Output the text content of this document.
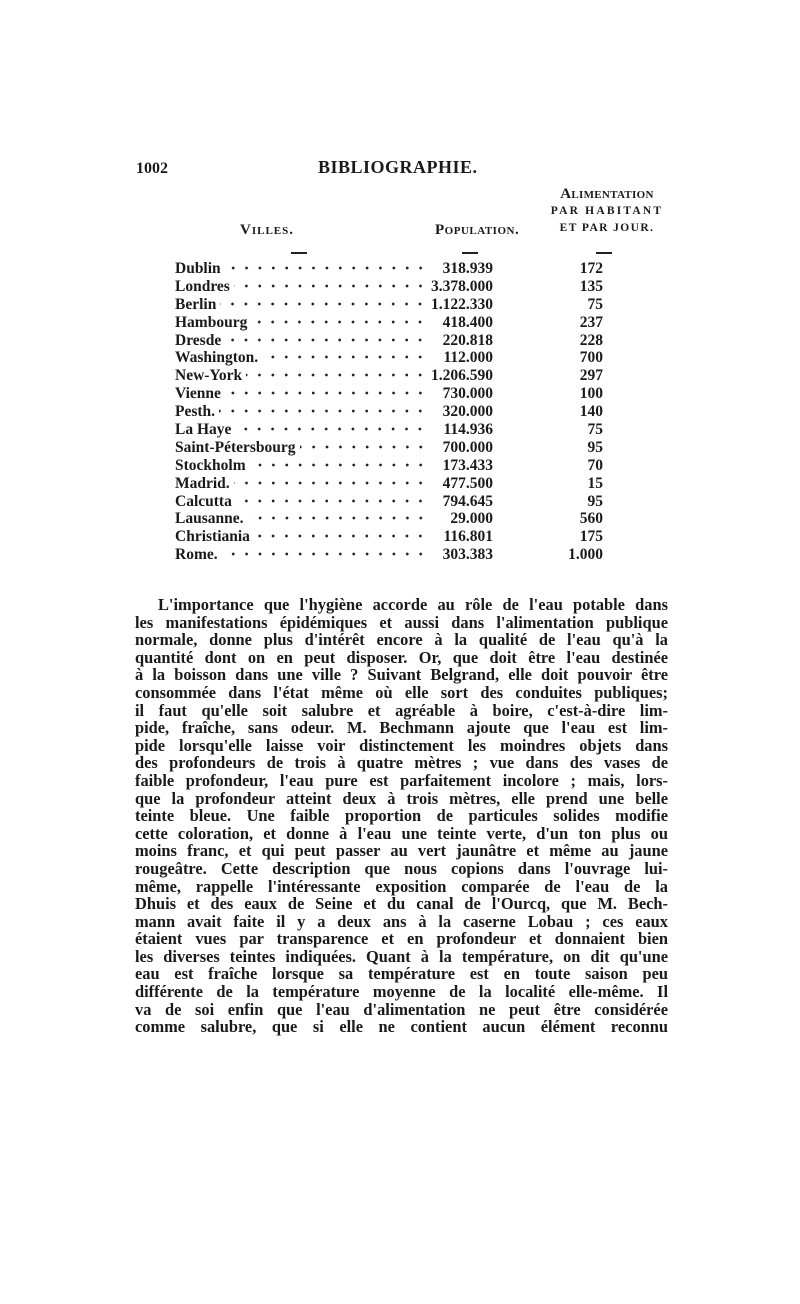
1002	BIBLIOGRAPHIE.
Alimentation
PAR HABITANT
ET PAR JOUR.
Villes.	Population.
Dublin	318.939	172
Londres	3.378.000	135
Berlin	1.122.330	75
Hambourg	418.400	237
Dresde	220.818	228
Washington.	112.000	700
New-York	1.206.590	297
Vienne	730.000	100
Pesth.	320.000	140
La Haye	114.936	75
Saint-Pétersbourg	700.000	95
Stockholm	173.433	70
Madrid.	477.500	15
Calcutta	794.645	95
Lausanne.	29.000	560
Christiania	116.801	175
Rome.	303.383	1.000
L'importance que l'hygiène accorde au rôle de l'eau potable dans
les manifestations épidémiques et aussi dans l'alimentation publique
normale, donne plus d'intérêt encore à la qualité de l'eau qu'à la
quantité dont on en peut disposer. Or, que doit être l'eau destinée
à la boisson dans une ville ? Suivant Belgrand, elle doit pouvoir être
consommée dans l'état même où elle sort des conduites publiques;
il faut qu'elle soit salubre et agréable à boire, c'est-à-dire lim-
pide, fraîche, sans odeur. M. Bechmann ajoute que l'eau est lim-
pide lorsqu'elle laisse voir distinctement les moindres objets dans
des profondeurs de trois à quatre mètres ; vue dans des vases de
faible profondeur, l'eau pure est parfaitement incolore ; mais, lors-
que la profondeur atteint deux à trois mètres, elle prend une belle
teinte bleue. Une faible proportion de particules solides modifie
cette coloration, et donne à l'eau une teinte verte, d'un ton plus ou
moins franc, et qui peut passer au vert jaunâtre et même au jaune
rougeâtre. Cette description que nous copions dans l'ouvrage lui-
même, rappelle l'intéressante exposition comparée de l'eau de la
Dhuis et des eaux de Seine et du canal de l'Ourcq, que M. Bech-
mann avait faite il y a deux ans à la caserne Lobau ; ces eaux
étaient vues par transparence et en profondeur et donnaient bien
les diverses teintes indiquées. Quant à la température, on dit qu'une
eau est fraîche lorsque sa température est en toute saison peu
différente de la température moyenne de la localité elle-même. Il
va de soi enfin que l'eau d'alimentation ne peut être considérée
comme salubre, que si elle ne contient aucun élément reconnu
